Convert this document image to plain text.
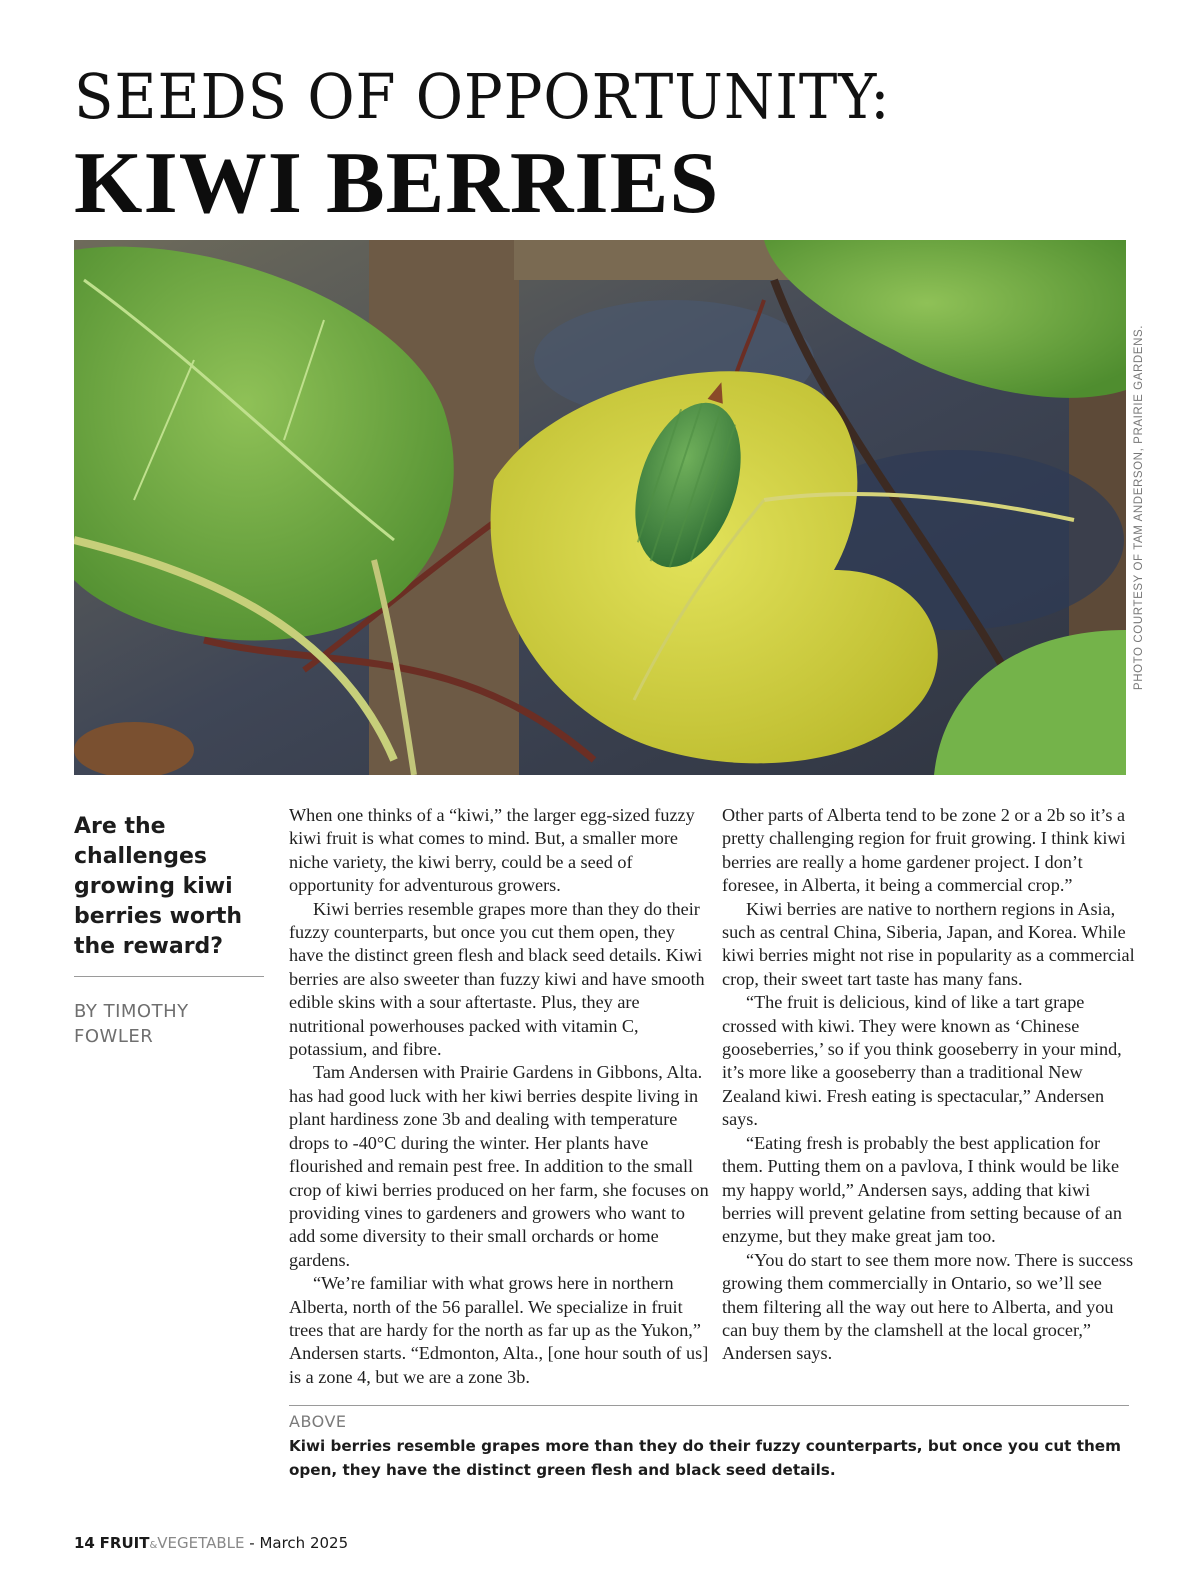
SEEDS OF OPPORTUNITY:
KIWI BERRIES
PHOTO COURTESY OF TAM ANDERSON, PRAIRIE GARDENS.
Are the challenges growing kiwi berries worth the reward?
BY TIMOTHY FOWLER

When one thinks of a “kiwi,” the larger egg-sized fuzzy kiwi fruit is what comes to mind. But, a smaller more niche variety, the kiwi berry, could be a seed of opportunity for adventurous growers.

Kiwi berries resemble grapes more than they do their fuzzy counterparts, but once you cut them open, they have the distinct green flesh and black seed details. Kiwi berries are also sweeter than fuzzy kiwi and have smooth edible skins with a sour aftertaste. Plus, they are nutritional powerhouses packed with vitamin C, potassium, and fibre.

Tam Andersen with Prairie Gardens in Gibbons, Alta. has had good luck with her kiwi berries despite living in plant hardiness zone 3b and dealing with temperature drops to -40°C during the winter. Her plants have flourished and remain pest free. In addition to the small crop of kiwi berries produced on her farm, she focuses on providing vines to gardeners and growers who want to add some diversity to their small orchards or home gardens.

“We’re familiar with what grows here in northern Alberta, north of the 56 parallel. We specialize in fruit trees that are hardy for the north as far up as the Yukon,” Andersen starts. “Edmonton, Alta., [one hour south of us] is a zone 4, but we are a zone 3b.

Other parts of Alberta tend to be zone 2 or a 2b so it’s a pretty challenging region for fruit growing. I think kiwi berries are really a home gardener project. I don’t foresee, in Alberta, it being a commercial crop.”

Kiwi berries are native to northern regions in Asia, such as central China, Siberia, Japan, and Korea. While kiwi berries might not rise in popularity as a commercial crop, their sweet tart taste has many fans.

“The fruit is delicious, kind of like a tart grape crossed with kiwi. They were known as ‘Chinese gooseberries,’ so if you think gooseberry in your mind, it’s more like a gooseberry than a traditional New Zealand kiwi. Fresh eating is spectacular,” Andersen says.

“Eating fresh is probably the best application for them. Putting them on a pavlova, I think would be like my happy world,” Andersen says, adding that kiwi berries will prevent gelatine from setting because of an enzyme, but they make great jam too.

“You do start to see them more now. There is success growing them commercially in Ontario, so we’ll see them filtering all the way out here to Alberta, and you can buy them by the clamshell at the local grocer,” Andersen says.

ABOVE
Kiwi berries resemble grapes more than they do their fuzzy counterparts, but once you cut them open, they have the distinct green flesh and black seed details.
14 FRUIT&VEGETABLE - March 2025
